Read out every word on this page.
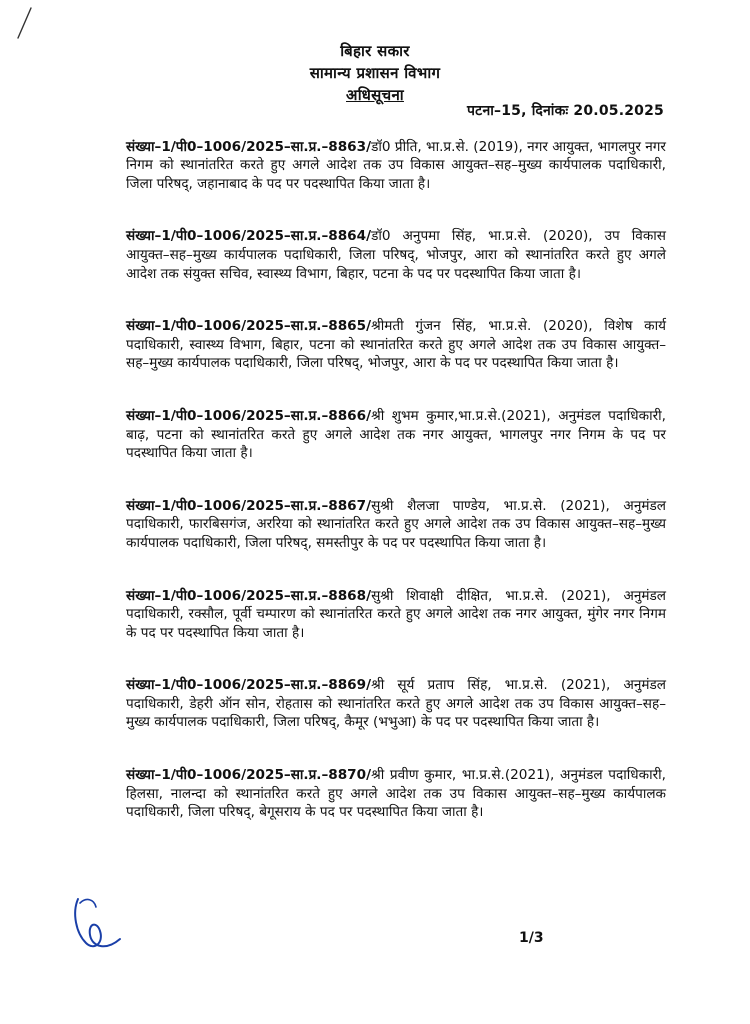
बिहार सकार
सामान्य प्रशासन विभाग
अधिसूचना
पटना–15, दिनांकः 20.05.2025

संख्या–1/पी0–1006/2025–सा.प्र.–8863/डॉ0 प्रीति, भा.प्र.से. (2019), नगर आयुक्त, भागलपुर नगर निगम को स्थानांतरित करते हुए अगले आदेश तक उप विकास आयुक्त–सह–मुख्य कार्यपालक पदाधिकारी, जिला परिषद्, जहानाबाद के पद पर पदस्थापित किया जाता है।

संख्या–1/पी0–1006/2025–सा.प्र.–8864/डॉ0 अनुपमा सिंह, भा.प्र.से. (2020), उप विकास आयुक्त–सह–मुख्य कार्यपालक पदाधिकारी, जिला परिषद्, भोजपुर, आरा को स्थानांतरित करते हुए अगले आदेश तक संयुक्त सचिव, स्वास्थ्य विभाग, बिहार, पटना के पद पर पदस्थापित किया जाता है।

संख्या–1/पी0–1006/2025–सा.प्र.–8865/श्रीमती गुंजन सिंह, भा.प्र.से. (2020), विशेष कार्य पदाधिकारी, स्वास्थ्य विभाग, बिहार, पटना को स्थानांतरित करते हुए अगले आदेश तक उप विकास आयुक्त–सह–मुख्य कार्यपालक पदाधिकारी, जिला परिषद्, भोजपुर, आरा के पद पर पदस्थापित किया जाता है।

संख्या–1/पी0–1006/2025–सा.प्र.–8866/श्री शुभम कुमार,भा.प्र.से.(2021), अनुमंडल पदाधिकारी, बाढ़, पटना को स्थानांतरित करते हुए अगले आदेश तक नगर आयुक्त, भागलपुर नगर निगम के पद पर पदस्थापित किया जाता है।

संख्या–1/पी0–1006/2025–सा.प्र.–8867/सुश्री शैलजा पाण्डेय, भा.प्र.से. (2021), अनुमंडल पदाधिकारी, फारबिसगंज, अररिया को स्थानांतरित करते हुए अगले आदेश तक उप विकास आयुक्त–सह–मुख्य कार्यपालक पदाधिकारी, जिला परिषद्, समस्तीपुर के पद पर पदस्थापित किया जाता है।

संख्या–1/पी0–1006/2025–सा.प्र.–8868/सुश्री शिवाक्षी दीक्षित, भा.प्र.से. (2021), अनुमंडल पदाधिकारी, रक्सौल, पूर्वी चम्पारण को स्थानांतरित करते हुए अगले आदेश तक नगर आयुक्त, मुंगेर नगर निगम के पद पर पदस्थापित किया जाता है।

संख्या–1/पी0–1006/2025–सा.प्र.–8869/श्री सूर्य प्रताप सिंह, भा.प्र.से. (2021), अनुमंडल पदाधिकारी, डेहरी ऑन सोन, रोहतास को स्थानांतरित करते हुए अगले आदेश तक उप विकास आयुक्त–सह–मुख्य कार्यपालक पदाधिकारी, जिला परिषद्, कैमूर (भभुआ) के पद पर पदस्थापित किया जाता है।

संख्या–1/पी0–1006/2025–सा.प्र.–8870/श्री प्रवीण कुमार, भा.प्र.से.(2021), अनुमंडल पदाधिकारी, हिलसा, नालन्दा को स्थानांतरित करते हुए अगले आदेश तक उप विकास आयुक्त–सह–मुख्य कार्यपालक पदाधिकारी, जिला परिषद्, बेगूसराय के पद पर पदस्थापित किया जाता है।

1/3
